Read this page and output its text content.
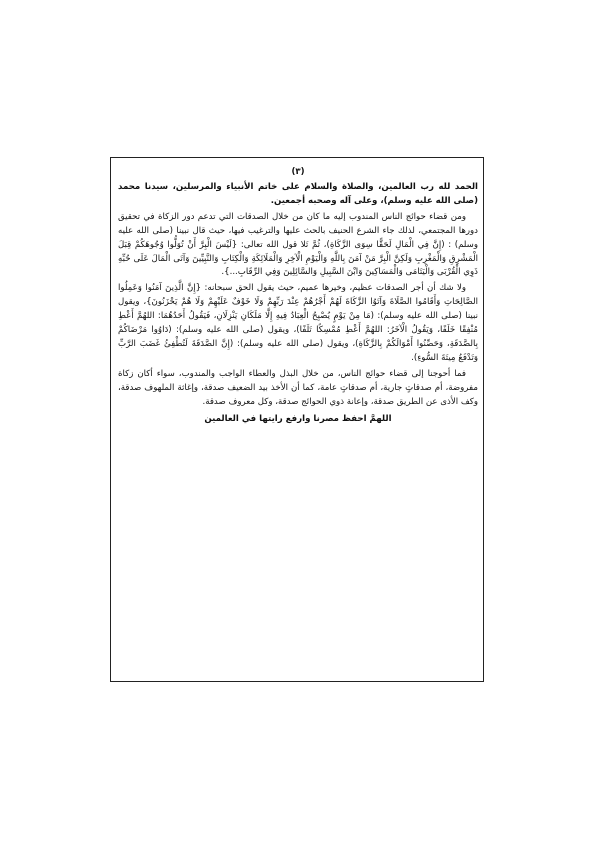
(٣)

الحمد لله رب العالمين، والصلاة والسلام على خاتم الأنبياء والمرسلين، سيدنا محمد (صلى الله عليه وسلم)، وعلى آله وصحبه أجمعين.

ومن قضاء حوائج الناس المندوب إليه ما كان من خلال الصدقات التي تدعم دور الزكاة في تحقيق دورها المجتمعي، لذلك جاء الشرع الحنيف بالحث عليها والترغيب فيها، حيث قال نبينا (صلى الله عليه وسلم) : (إِنَّ فِي الْمَالِ لَحَقًّا سِوَى الزَّكَاةِ)، ثُمَّ تَلا قول الله تعالى: {لَيْسَ الْبِرَّ أَنْ تُوَلُّوا وُجُوهَكُمْ قِبَلَ الْمَشْرِقِ وَالْمَغْرِبِ وَلَكِنَّ الْبِرَّ مَنْ آمَنَ بِاللَّهِ وَالْيَوْمِ الْآخِرِ وَالْمَلَائِكَةِ وَالْكِتَابِ وَالنَّبِيِّينَ وَآتَى الْمَالَ عَلَى حُبِّهِ ذَوِي الْقُرْبَى وَالْيَتَامَى وَالْمَسَاكِينَ وَابْنَ السَّبِيلِ وَالسَّائِلِينَ وَفِي الرِّقَابِ...}.

ولا شك أن أجر الصدقات عظيم، وخيرها عميم، حيث يقول الحق سبحانه: {إِنَّ الَّذِينَ آمَنُوا وَعَمِلُوا الصَّالِحَاتِ وَأَقَامُوا الصَّلَاةَ وَآتَوُا الزَّكَاةَ لَهُمْ أَجْرُهُمْ عِنْدَ رَبِّهِمْ وَلَا خَوْفٌ عَلَيْهِمْ وَلَا هُمْ يَحْزَنُونَ}، ويقول نبينا (صلى الله عليه وسلم): (مَا مِنْ يَوْمٍ يُصْبِحُ الْعِبَادُ فِيهِ إِلَّا مَلَكَانِ يَنْزِلَانِ، فَيَقُولُ أَحَدُهُمَا: اللهُمَّ أَعْطِ مُنْفِقًا خَلَفًا، وَيَقُولُ الْآخَرُ: اللهُمَّ أَعْطِ مُمْسِكًا تَلَفًا)، ويقول (صلى الله عليه وسلم): (دَاوُوا مَرْضَاكُمْ بِالصَّدَقَةِ، وَحَصِّنُوا أَمْوَالَكُمْ بِالزَّكَاةِ)، ويقول (صلى الله عليه وسلم): (إِنَّ الصَّدَقَةَ لَتُطْفِئُ غَضَبَ الرَّبِّ وَتَدْفَعُ مِيتَةَ السُّوءِ).

فما أحوجنا إلى قضاء حوائج الناس، من خلال البذل والعطاء الواجب والمندوب، سواء أكان زكاة مفروضة، أم صدقاتٍ جارية، أم صدقاتٍ عامة، كما أن الأخذ بيد الضعيف صدقة، وإغاثة الملهوف صدقة، وكف الأذى عن الطريق صدقة، وإعانة ذوي الحوائج صدقة، وكل معروف صدقة.

اللهمَّ احفظ مصرنا وارفع رايتها في العالمين
